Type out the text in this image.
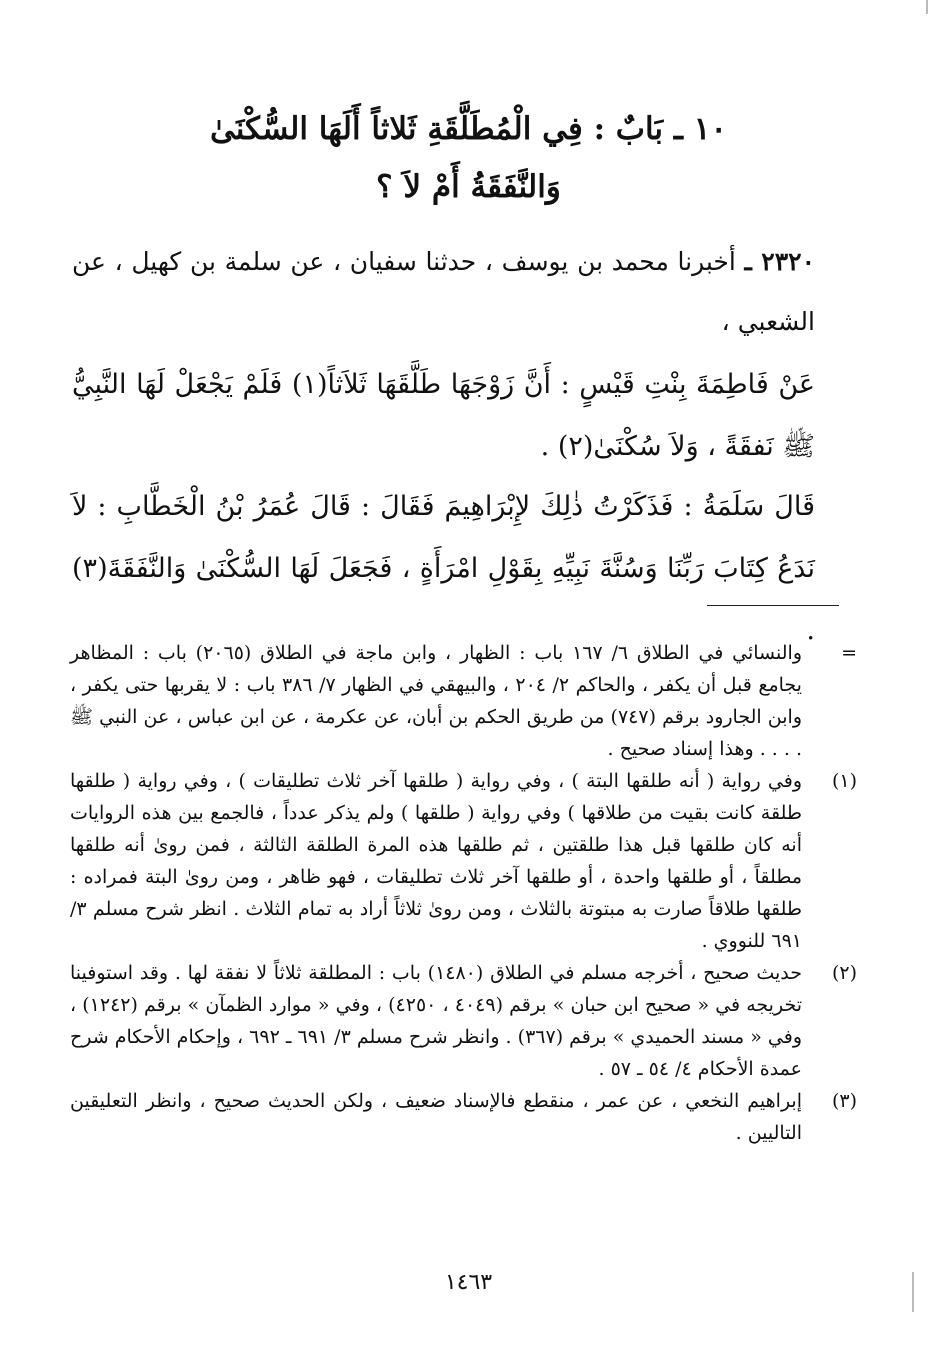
١٠ ـ بَابٌ : فِي الْمُطَلَّقَةِ ثَلاثاً أَلَهَا السُّكْنَىٰ
وَالنَّفَقَةُ أَمْ لاَ ؟

٢٣٢٠ ـ أخبرنا محمد بن يوسف ، حدثنا سفيان ، عن سلمة بن كهيل ، عن الشعبي ،

عَنْ فَاطِمَةَ بِنْتِ قَيْسٍ : أَنَّ زَوْجَهَا طَلَّقَهَا ثَلاَثاً(١) فَلَمْ يَجْعَلْ لَهَا النَّبِيُّ ﷺ نَفقَةً ، وَلاَ سُكْنَىٰ(٢) .

قَالَ سَلَمَةُ : فَذَكَرْتُ ذٰلِكَ لإِبْرَاهِيمَ فَقَالَ : قَالَ عُمَرُ بْنُ الْخَطَّابِ : لاَ نَدَعُ كِتَابَ رَبِّنَا وَسُنَّةَ نَبِيِّهِ بِقَوْلِ امْرَأَةٍ ، فَجَعَلَ لَهَا السُّكْنَىٰ وَالنَّفَقَةَ(٣) .

=
والنسائي في الطلاق ٦/ ١٦٧ باب : الظهار ، وابن ماجة في الطلاق (٢٠٦٥) باب : المظاهر يجامع قبل أن يكفر ، والحاكم ٢/ ٢٠٤ ، والبيهقي في الظهار ٧/ ٣٨٦ باب : لا يقربها حتى يكفر ، وابن الجارود برقم (٧٤٧) من طريق الحكم بن أبان، عن عكرمة ، عن ابن عباس ، عن النبي ﷺ . . . . وهذا إسناد صحيح .

(١)
وفي رواية ( أنه طلقها البتة ) ، وفي رواية ( طلقها آخر ثلاث تطليقات ) ، وفي رواية ( طلقها طلقة كانت بقيت من طلاقها ) وفي رواية ( طلقها ) ولم يذكر عدداً ، فالجمع بين هذه الروايات أنه كان طلقها قبل هذا طلقتين ، ثم طلقها هذه المرة الطلقة الثالثة ، فمن روىٰ أنه طلقها مطلقاً ، أو طلقها واحدة ، أو طلقها آخر ثلاث تطليقات ، فهو ظاهر ، ومن روىٰ البتة فمراده : طلقها طلاقاً صارت به مبتوتة بالثلاث ، ومن روىٰ ثلاثاً أراد به تمام الثلاث . انظر شرح مسلم ٣/ ٦٩١ للنووي .

(٢)
حديث صحيح ، أخرجه مسلم في الطلاق (١٤٨٠) باب : المطلقة ثلاثاً لا نفقة لها . وقد استوفينا تخريجه في « صحيح ابن حبان » برقم (٤٠٤٩ ، ٤٢٥٠) ، وفي « موارد الظمآن » برقم (١٢٤٢) ، وفي « مسند الحميدي » برقم (٣٦٧) . وانظر شرح مسلم ٣/ ٦٩١ ـ ٦٩٢ ، وإحكام الأحكام شرح عمدة الأحكام ٤/ ٥٤ ـ ٥٧ .

(٣)
إبراهيم النخعي ، عن عمر ، منقطع فالإسناد ضعيف ، ولكن الحديث صحيح ، وانظر التعليقين التاليين .

١٤٦٣
